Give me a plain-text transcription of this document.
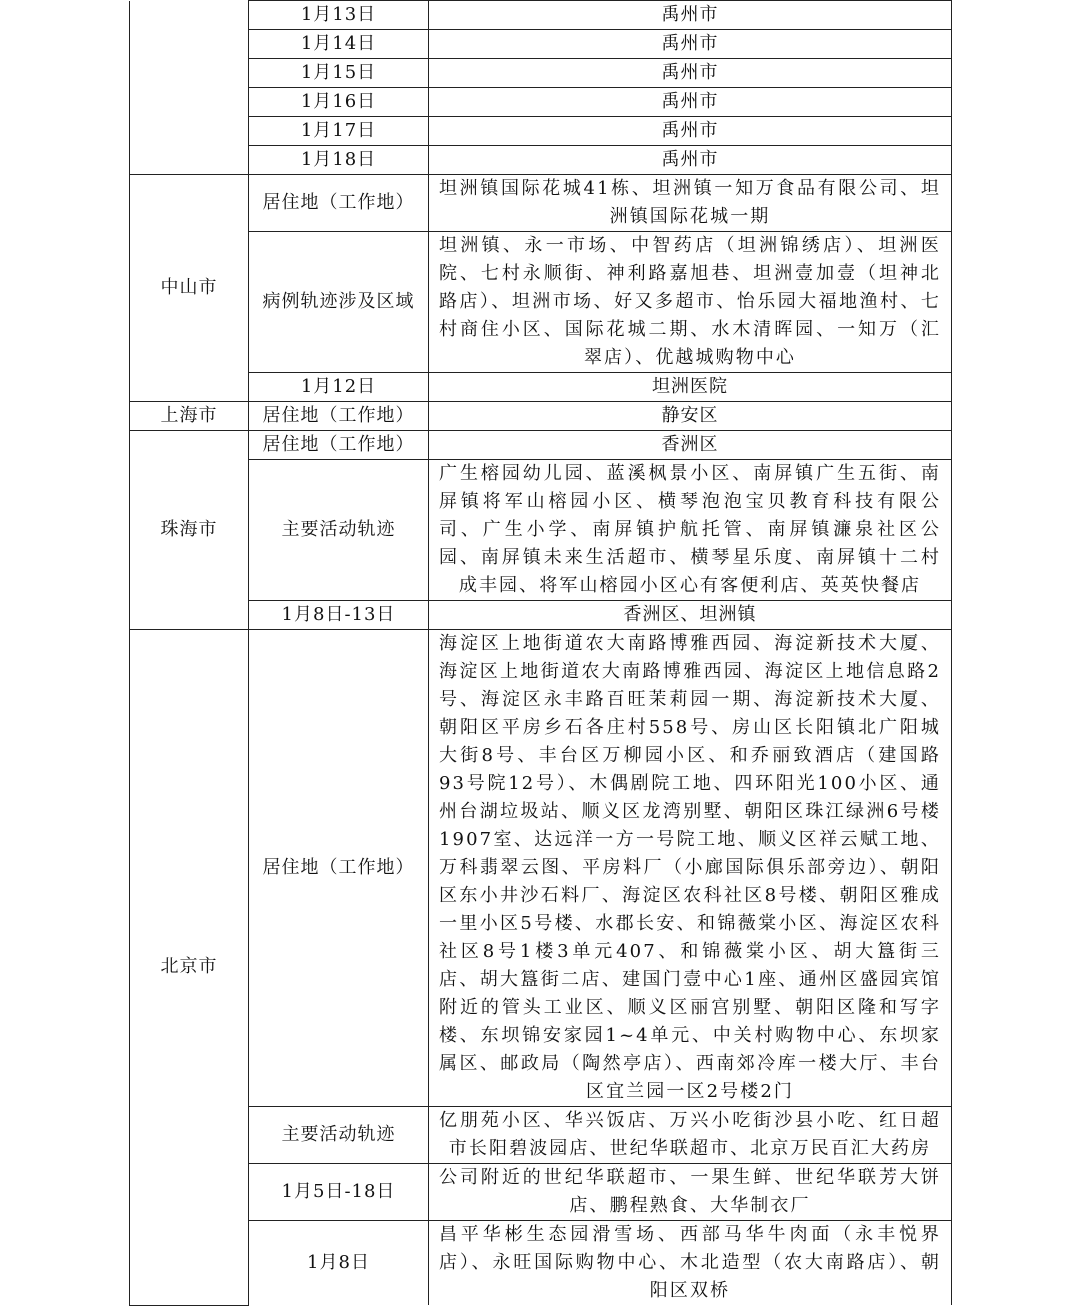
	1月13日	禹州市
	1月14日	禹州市
	1月15日	禹州市
	1月16日	禹州市
	1月17日	禹州市
	1月18日	禹州市
中山市	居住地（工作地）	坦洲镇国际花城41栋、坦洲镇一知万食品有限公司、坦洲镇国际花城一期
	病例轨迹涉及区域	坦洲镇、永一市场、中智药店（坦洲锦绣店）、坦洲医院、七村永顺街、神利路嘉旭巷、坦洲壹加壹（坦神北路店）、坦洲市场、好又多超市、怡乐园大福地渔村、七村商住小区、国际花城二期、水木清晖园、一知万（汇翠店）、优越城购物中心
	1月12日	坦洲医院
上海市	居住地（工作地）	静安区
珠海市	居住地（工作地）	香洲区
	主要活动轨迹	广生榕园幼儿园、蓝溪枫景小区、南屏镇广生五街、南屏镇将军山榕园小区、横琴泡泡宝贝教育科技有限公司、广生小学、南屏镇护航托管、南屏镇濂泉社区公园、南屏镇未来生活超市、横琴星乐度、南屏镇十二村成丰园、将军山榕园小区心有客便利店、英英快餐店
	1月8日-13日	香洲区、坦洲镇
北京市	居住地（工作地）	海淀区上地街道农大南路博雅西园、海淀新技术大厦、海淀区上地街道农大南路博雅西园、海淀区上地信息路2号、海淀区永丰路百旺茉莉园一期、海淀新技术大厦、朝阳区平房乡石各庄村558号、房山区长阳镇北广阳城大街8号、丰台区万柳园小区、和乔丽致酒店（建国路93号院12号）、木偶剧院工地、四环阳光100小区、通州台湖垃圾站、顺义区龙湾别墅、朝阳区珠江绿洲6号楼1907室、达远洋一方一号院工地、顺义区祥云赋工地、万科翡翠云图、平房料厂（小廊国际俱乐部旁边）、朝阳区东小井沙石料厂、海淀区农科社区8号楼、朝阳区雅成一里小区5号楼、水郡长安、和锦薇棠小区、海淀区农科社区8号1楼3单元407、和锦薇棠小区、胡大簋街三店、胡大簋街二店、建国门壹中心1座、通州区盛园宾馆附近的管头工业区、顺义区丽宫别墅、朝阳区隆和写字楼、东坝锦安家园1~4单元、中关村购物中心、东坝家属区、邮政局（陶然亭店）、西南郊冷库一楼大厅、丰台区宜兰园一区2号楼2门
	主要活动轨迹	亿朋苑小区、华兴饭店、万兴小吃街沙县小吃、红日超市长阳碧波园店、世纪华联超市、北京万民百汇大药房
	1月5日-18日	公司附近的世纪华联超市、一果生鲜、世纪华联芳大饼店、鹏程熟食、大华制衣厂
	1月8日	昌平华彬生态园滑雪场、西部马华牛肉面（永丰悦界店）、永旺国际购物中心、木北造型（农大南路店）、朝阳区双桥
